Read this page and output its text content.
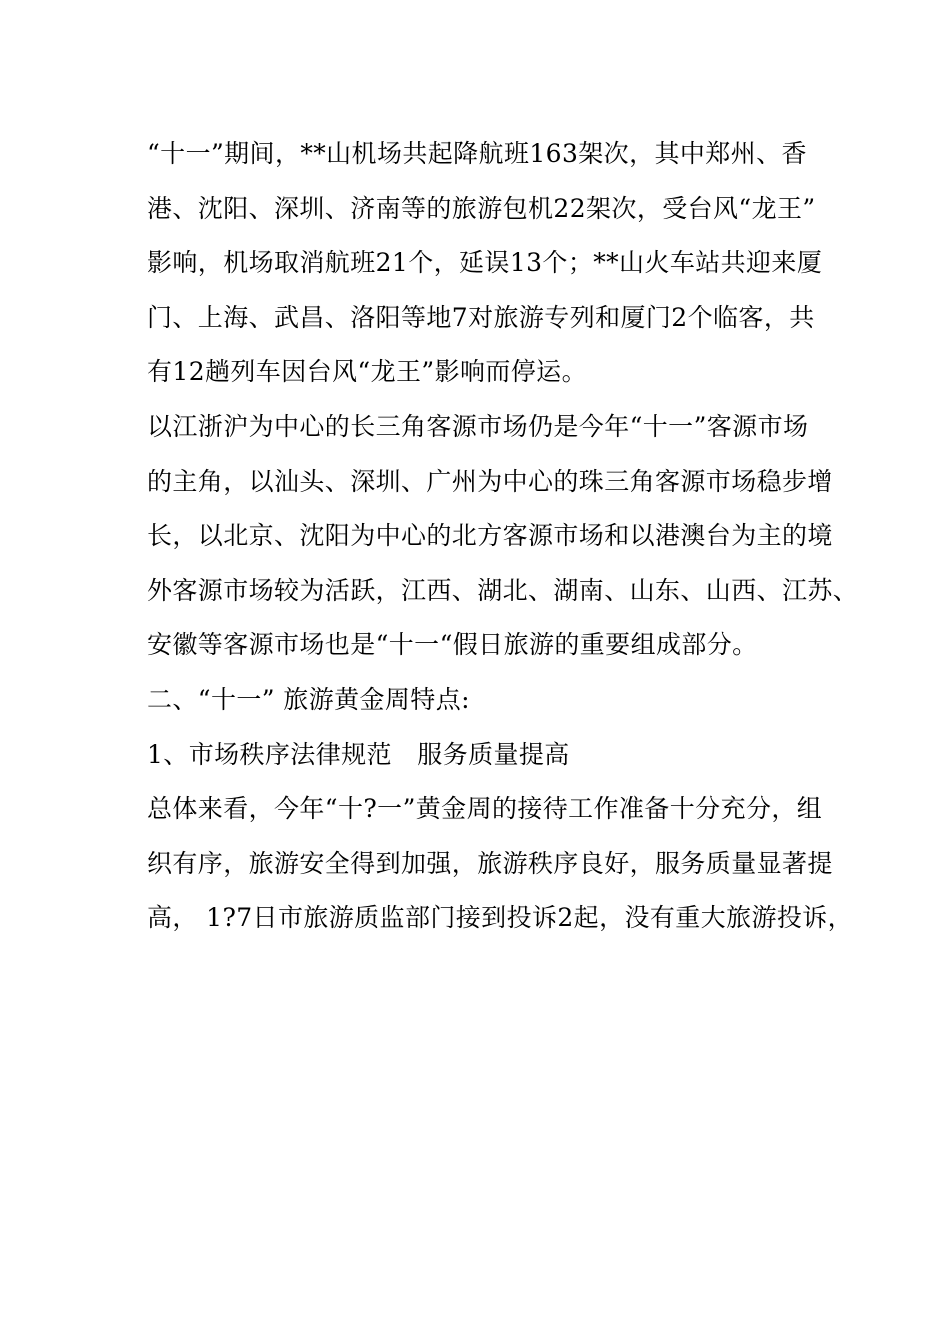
“十一”期间，**山机场共起降航班163架次，其中郑州、香
港、沈阳、深圳、济南等的旅游包机22架次，受台风“龙王”
影响，机场取消航班21个，延误13个；**山火车站共迎来厦
门、上海、武昌、洛阳等地7对旅游专列和厦门2个临客，共
有12趟列车因台风“龙王”影响而停运。
以江浙沪为中心的长三角客源市场仍是今年“十一”客源市场
的主角，以汕头、深圳、广州为中心的珠三角客源市场稳步增
长，以北京、沈阳为中心的北方客源市场和以港澳台为主的境
外客源市场较为活跃，江西、湖北、湖南、山东、山西、江苏、
安徽等客源市场也是“十一“假日旅游的重要组成部分。
二、“十一” 旅游黄金周特点:
1、市场秩序法律规范　服务质量提高
总体来看，今年“十?一”黄金周的接待工作准备十分充分，组
织有序，旅游安全得到加强，旅游秩序良好，服务质量显著提
高， 1?7日市旅游质监部门接到投诉2起，没有重大旅游投诉，
